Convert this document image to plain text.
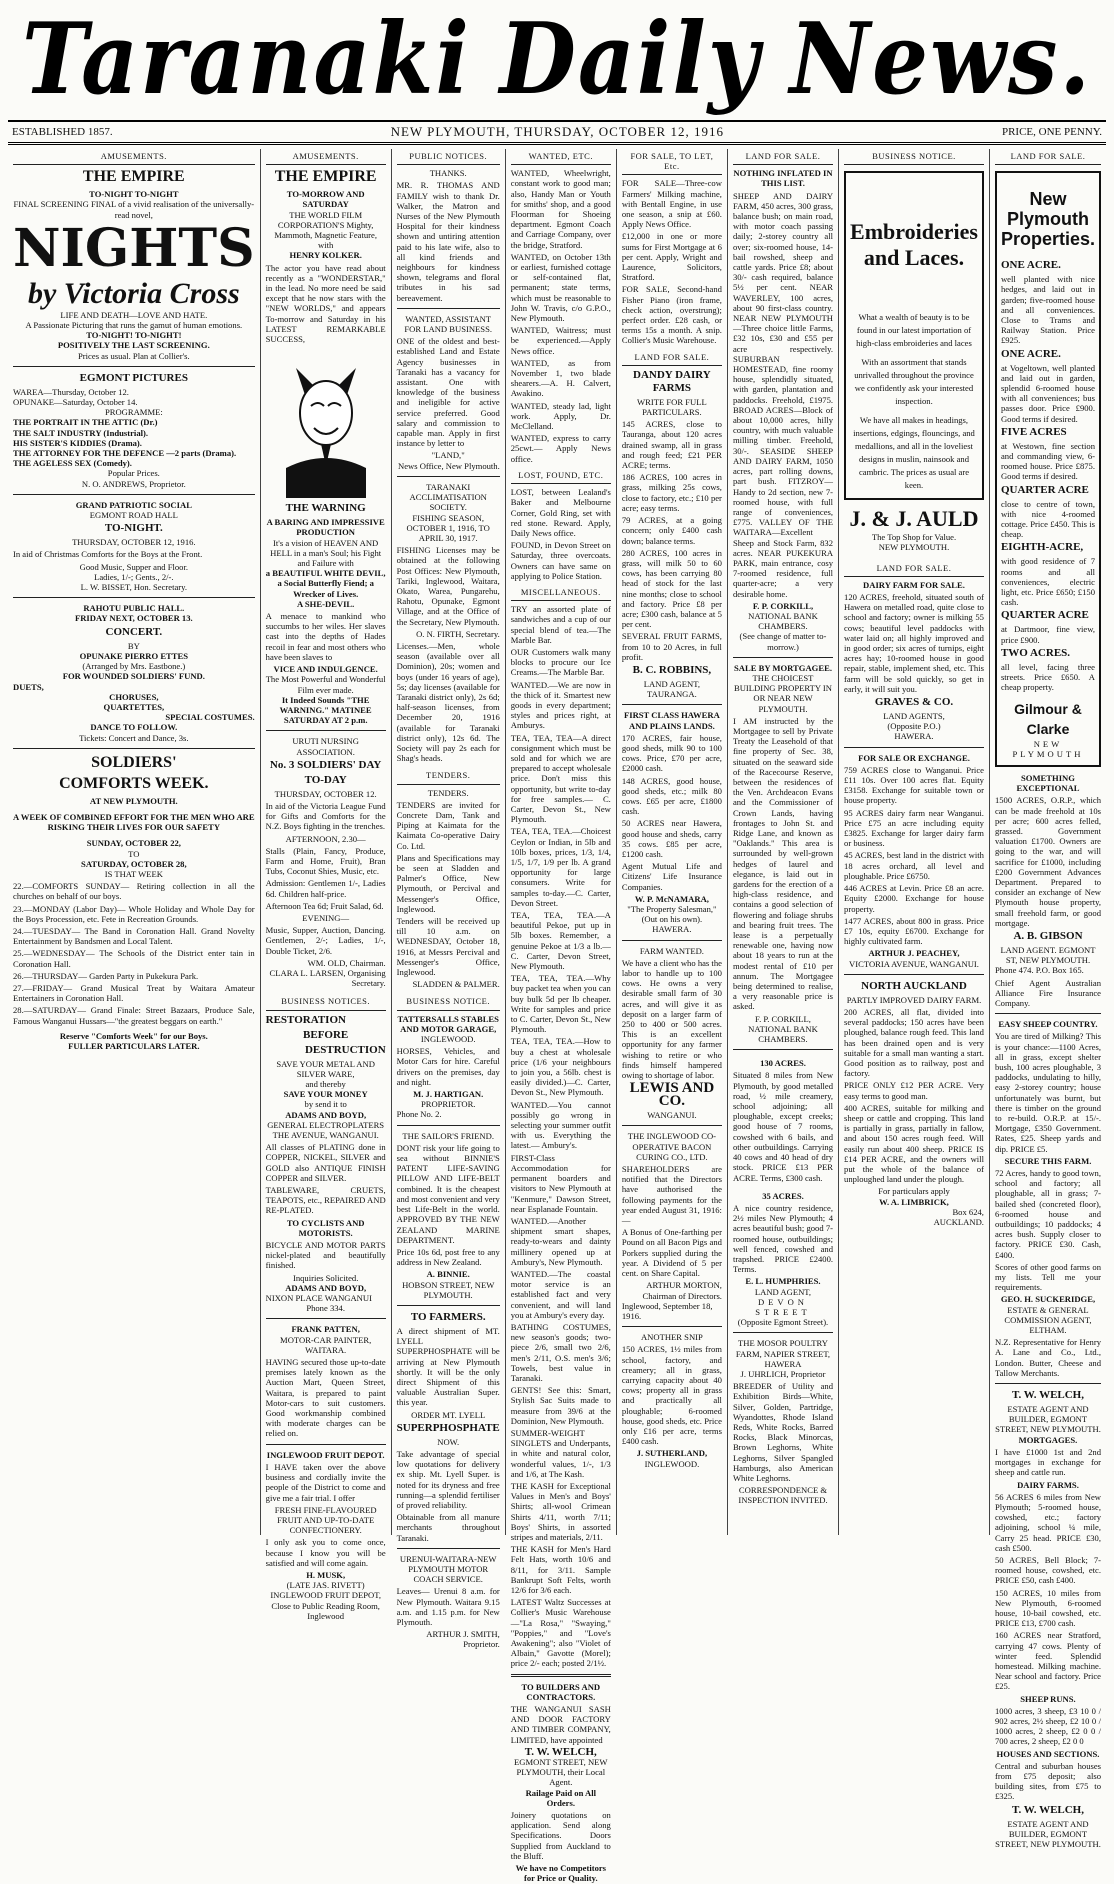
Taranaki Daily News.
ESTABLISHED 1857.	NEW PLYMOUTH, THURSDAY, OCTOBER 12, 1916	PRICE, ONE PENNY.
AMUSEMENTS.
THE EMPIRE
TO-NIGHT TO-NIGHT
FINAL SCREENING FINAL of a vivid realisation of the universally-read novel,
NIGHTS
by Victoria Cross
LIFE AND DEATH—LOVE AND HATE.
A Passionate Picturing that runs the gamut of human emotions.
TO-NIGHT! TO-NIGHT!
POSITIVELY THE LAST SCREENING.
Prices as usual. Plan at Collier's.
EGMONT PICTURES
WAREA—Thursday, October 12.
OPUNAKE—Saturday, October 14.
PROGRAMME:
THE PORTRAIT IN THE ATTIC (Dr.)
THE SALT INDUSTRY (Industrial).
HIS SISTER'S KIDDIES (Drama).
THE ATTORNEY FOR THE DEFENCE —2 parts (Drama).
THE AGELESS SEX (Comedy).
Popular Prices.
N. O. ANDREWS, Proprietor.
GRAND PATRIOTIC SOCIAL
EGMONT ROAD HALL
TO-NIGHT.
THURSDAY, OCTOBER 12, 1916.
In aid of Christmas Comforts for the Boys at the Front.
Good Music, Supper and Floor.
Ladies, 1/-; Gents., 2/-.
L. W. BISSET, Hon. Secretary.
RAHOTU PUBLIC HALL.
FRIDAY NEXT, OCTOBER 13.
CONCERT.
BY
OPUNAKE PIERRO ETTES
(Arranged by Mrs. Eastbone.)
FOR WOUNDED SOLDIERS' FUND.
DUETS,
CHORUSES,
QUARTETTES,
SPECIAL COSTUMES.
DANCE TO FOLLOW.
Tickets: Concert and Dance, 3s.
SOLDIERS'
COMFORTS WEEK.
AT NEW PLYMOUTH.
A WEEK OF COMBINED EFFORT FOR THE MEN WHO ARE RISKING THEIR LIVES FOR OUR SAFETY
SUNDAY, OCTOBER 22,
TO
SATURDAY, OCTOBER 28,
IS THAT WEEK
22.—COMFORTS SUNDAY— Retiring collection in all the churches on behalf of our boys.
23.—MONDAY (Labor Day)— Whole Holiday and Whole Day for the Boys Procession, etc. Fete in Recreation Grounds.
24.—TUESDAY— The Band in Coronation Hall. Grand Novelty Entertainment by Bandsmen and Local Talent.
25.—WEDNESDAY— The Schools of the District enter tain in Coronation Hall.
26.—THURSDAY— Garden Party in Pukekura Park.
27.—FRIDAY— Grand Musical Treat by Waitara Amateur Entertainers in Coronation Hall.
28.—SATURDAY— Grand Finale: Street Bazaars, Produce Sale, Famous Wanganui Hussars—"the greatest beggars on earth."
Reserve "Comforts Week" for our Boys.
FULLER PARTICULARS LATER.
AMUSEMENTS.
THE EMPIRE
TO-MORROW AND SATURDAY
THE WORLD FILM CORPORATION'S Mighty, Mammoth, Magnetic Feature, with
HENRY KOLKER.
The actor you have read about recently as a "WONDERSTAR," in the lead. No more need be said except that he now stars with the "NEW WORLDS," and appears To-morrow and Saturday in his LATEST REMARKABLE SUCCESS,
THE WARNING
A BARING AND IMPRESSIVE PRODUCTION
It's a vision of HEAVEN AND HELL in a man's Soul; his Fight and Failure with
a BEAUTIFUL WHITE DEVIL, a Social Butterfly Fiend; a Wrecker of Lives.
A SHE-DEVIL.
A menace to mankind who succumbs to her wiles. Her slaves cast into the depths of Hades recoil in fear and most others who have been slaves to
VICE AND INDULGENCE.
The Most Powerful and Wonderful Film ever made.
It Indeed Sounds "THE WARNING." MATINEE SATURDAY AT 2 p.m.
URUTI NURSING ASSOCIATION.
No. 3 SOLDIERS' DAY
TO-DAY
THURSDAY, OCTOBER 12.
In aid of the Victoria League Fund for Gifts and Comforts for the N.Z. Boys fighting in the trenches.
AFTERNOON, 2.30—
Stalls (Plain, Fancy, Produce, Farm and Home, Fruit), Bran Tubs, Coconut Shies, Music, etc.
Admission: Gentlemen 1/-, Ladies 6d. Children half-price.
Afternoon Tea 6d; Fruit Salad, 6d.
EVENING—
Music, Supper, Auction, Dancing. Gentlemen, 2/-; Ladies, 1/-, Double Ticket, 2/6.
WM. OLD, Chairman.
CLARA L. LARSEN, Organising Secretary.
BUSINESS NOTICES.
RESTORATION
BEFORE
DESTRUCTION
SAVE YOUR METAL AND SILVER WARE,
and thereby
SAVE YOUR MONEY
by send it to
ADAMS AND BOYD,
GENERAL ELECTROPLATERS THE AVENUE, WANGANUI.
All classes of PLATING done in COPPER, NICKEL, SILVER and GOLD also ANTIQUE FINISH COPPER and SILVER.
TABLEWARE, CRUETS, TEAPOTS, etc., REPAIRED AND RE-PLATED.
TO CYCLISTS AND MOTORISTS.
BICYCLE AND MOTOR PARTS nickel-plated and beautifully finished.
Inquiries Solicited.
ADAMS AND BOYD,
NIXON PLACE WANGANUI
Phone 334.
FRANK PATTEN,
MOTOR-CAR PAINTER, WAITARA.
HAVING secured those up-to-date premises lately known as the Auction Mart, Queen Street, Waitara, is prepared to paint Motor-cars to suit customers. Good workmanship combined with moderate charges can be relied on.
INGLEWOOD FRUIT DEPOT.
I HAVE taken over the above business and cordially invite the people of the District to come and give me a fair trial. I offer
FRESH FINE-FLAVOURED FRUIT AND UP-TO-DATE CONFECTIONERY.
I only ask you to come once, because I know you will be satisfied and will come again.
H. MUSK,
(LATE JAS. RIVETT)
INGLEWOOD FRUIT DEPOT,
Close to Public Reading Room, Inglewood
PUBLIC NOTICES.
THANKS.
MR. R. THOMAS AND FAMILY wish to thank Dr. Walker, the Matron and Nurses of the New Plymouth Hospital for their kindness shown and untiring attention paid to his late wife, also to all kind friends and neighbours for kindness shown, telegrams and floral tributes in his sad bereavement.
WANTED, ASSISTANT FOR LAND BUSINESS.
ONE of the oldest and best-established Land and Estate Agency businesses in Taranaki has a vacancy for assistant. One with knowledge of the business and ineligible for active service preferred. Good salary and commission to capable man. Apply in first instance by letter to
"LAND,"
News Office, New Plymouth.
TARANAKI ACCLIMATISATION SOCIETY.
FISHING SEASON, OCTOBER 1, 1916, TO APRIL 30, 1917.
FISHING Licenses may be obtained at the following Post Offices: New Plymouth, Tariki, Inglewood, Waitara, Okato, Warea, Pungarehu, Rahotu, Opunake, Egmont Village, and at the Office of the Secretary, New Plymouth.
O. N. FIRTH, Secretary.
Licenses.—Men, whole season (available over all Dominion), 20s; women and boys (under 16 years of age), 5s; day licenses (available for Taranaki district only), 2s 6d; half-season licenses, from December 20, 1916 (available for Taranaki district only), 12s 6d. The Society will pay 2s each for Shag's heads.
TENDERS.
TENDERS.
TENDERS are invited for Concrete Dam, Tank and Piping at Kaimata for the Kaimata Co-operative Dairy Co. Ltd.
Plans and Specifications may be seen at Sladden and Palmer's Office, New Plymouth, or Percival and Messenger's Office, Inglewood.
Tenders will be received up till 10 a.m. on WEDNESDAY, October 18, 1916, at Messrs Percival and Messenger's Office, Inglewood.
SLADDEN & PALMER.
BUSINESS NOTICE.
TATTERSALLS STABLES AND MOTOR GARAGE,
INGLEWOOD.
HORSES, Vehicles, and Motor Cars for hire. Careful drivers on the premises, day and night.
M. J. HARTIGAN.
PROPRIETOR.
Phone No. 2.
THE SAILOR'S FRIEND.
DONT risk your life going to sea without BINNIE'S PATENT LIFE-SAVING PILLOW AND LIFE-BELT combined. It is the cheapest and most convenient and very best Life-Belt in the world. APPROVED BY THE NEW ZEALAND MARINE DEPARTMENT.
Price 10s 6d, post free to any address in New Zealand.
A. BINNIE.
HOBSON STREET, NEW PLYMOUTH.
TO FARMERS.
A direct shipment of MT. LYELL SUPERPHOSPHATE will be arriving at New Plymouth shortly. It will be the only direct Shipment of this valuable Australian Super. this year.
ORDER MT. LYELL
SUPERPHOSPHATE
NOW.
Take advantage of special low quotations for delivery ex ship. Mt. Lyell Super. is noted for its dryness and free running—a splendid fertiliser of proved reliability.
Obtainable from all manure merchants throughout Taranaki.
URENUI-WAITARA-NEW PLYMOUTH MOTOR COACH SERVICE.
Leaves— Urenui 8 a.m. for New Plymouth. Waitara 9.15 a.m. and 1.15 p.m. for New Plymouth.
ARTHUR J. SMITH, Proprietor.
WANTED, ETC.
WANTED, Wheelwright, constant work to good man; also, Handy Man or Youth for smiths' shop, and a good Floorman for Shoeing department. Egmont Coach and Carriage Company, over the bridge, Stratford.
WANTED, on October 13th or earliest, furnished cottage or self-contained flat, permanent; state terms, which must be reasonable to John W. Travis, c/o G.P.O., New Plymouth.
WANTED, Waitress; must be experienced.—Apply News office.
WANTED, as from November 1, two blade shearers.—A. H. Calvert, Awakino.
WANTED, steady lad, light work. Apply, Dr. McClelland.
WANTED, express to carry 25cwt.— Apply News office.
LOST, FOUND, ETC.
LOST, between Lealand's Baker and Melbourne Corner, Gold Ring, set with red stone. Reward. Apply, Daily News office.
FOUND, in Devon Street on Saturday, three overcoats. Owners can have same on applying to Police Station.
MISCELLANEOUS.
TRY an assorted plate of sandwiches and a cup of our special blend of tea.—The Marble Bar.
OUR Customers walk many blocks to procure our Ice Creams.—The Marble Bar.
WANTED.—We are now in the thick of it. Smartest new goods in every department; styles and prices right, at Amburys.
TEA, TEA, TEA—A direct consignment which must be sold and for which we are prepared to accept wholesale price. Don't miss this opportunity, but write to-day for free samples.— C. Carter, Devon St., New Plymouth.
TEA, TEA, TEA.—Choicest Ceylon or Indian, in 5lb and 10lb boxes, prices, 1/3, 1/4, 1/5, 1/7, 1/9 per lb. A grand opportunity for large consumers. Write for samples to-day.—C. Carter, Devon Street.
TEA, TEA, TEA.—A beautiful Pekoe, put up in 5lb boxes. Remember, a genuine Pekoe at 1/3 a lb.—C. Carter, Devon Street, New Plymouth.
TEA, TEA, TEA.—Why buy packet tea when you can buy bulk 5d per lb cheaper. Write for samples and price to C. Carter, Devon St., New Plymouth.
TEA, TEA, TEA.—How to buy a chest at wholesale price (1/6 your neighbours to join you, a 56lb. chest is easily divided.)—C. Carter, Devon St., New Plymouth.
WANTED.—You cannot possibly go wrong in selecting your summer outfit with us. Everything the latest.— Ambury's.
FIRST-Class Accommodation for permanent boarders and visitors to New Plymouth at "Kenmure," Dawson Street, near Esplanade Fountain.
WANTED.—Another shipment smart shapes, ready-to-wears and dainty millinery opened up at Ambury's, New Plymouth.
WANTED.—The coastal motor service is an established fact and very convenient, and will land you at Ambury's every day.
BATHING COSTUMES, new season's goods; two-piece 2/6, small two 2/6, men's 2/11, O.S. men's 3/6; Towels, best value in Taranaki.
GENTS! See this: Smart, Stylish Sac Suits made to measure from 39/6 at the Dominion, New Plymouth.
SUMMER-WEIGHT SINGLETS and Underpants, in white and natural color, wonderful values, 1/-, 1/3 and 1/6, at The Kash.
THE KASH for Exceptional Values in Men's and Boys' Shirts; all-wool Crimean Shirts 4/11, worth 7/11; Boys' Shirts, in assorted stripes and materials, 2/11.
THE KASH for Men's Hard Felt Hats, worth 10/6 and 8/11, for 3/11. Sample Bankrupt Soft Felts, worth 12/6 for 3/6 each.
LATEST Waltz Successes at Collier's Music Warehouse—"La Rosa," "Swaying," "Poppies," and "Love's Awakening"; also "Violet of Albain," Gavotte (Morel); price 2/- each; posted 2/1½.
TO BUILDERS AND CONTRACTORS.
THE WANGANUI SASH AND DOOR FACTORY AND TIMBER COMPANY, LIMITED, have appointed
T. W. WELCH,
EGMONT STREET, NEW PLYMOUTH, their Local Agent.
Railage Paid on All Orders.
Joinery quotations on application. Send along Specifications. Doors Supplied from Auckland to the Bluff.
We have no Competitors for Price or Quality.
FOR SALE, TO LET, Etc.
FOR SALE—Three-cow Farmers' Milking machine, with Bentall Engine, in use one season, a snip at £60. Apply News Office.
£12,000 in one or more sums for First Mortgage at 6 per cent. Apply, Wright and Laurence, Solicitors, Stratford.
FOR SALE, Second-hand Fisher Piano (iron frame, check action, overstrung); perfect order. £28 cash, or terms 15s a month. A snip. Collier's Music Warehouse.
LAND FOR SALE.
DANDY DAIRY FARMS
WRITE FOR FULL PARTICULARS.
145 ACRES, close to Tauranga, about 120 acres drained swamp, all in grass and rough feed; £21 PER ACRE; terms.
186 ACRES, 100 acres in grass, milking 25s cows, close to factory, etc.; £10 per acre; easy terms.
79 ACRES, at a going concern; only £400 cash down; balance terms.
280 ACRES, 100 acres in grass, will milk 50 to 60 cows, has been carrying 80 head of stock for the last nine months; close to school and factory. Price £8 per acre; £300 cash, balance at 5 per cent.
SEVERAL FRUIT FARMS, from 10 to 20 Acres, in full profit.
B. C. ROBBINS,
LAND AGENT, TAURANGA.
FIRST CLASS HAWERA AND PLAINS LANDS.
170 ACRES, fair house, good sheds, milk 90 to 100 cows. Price, £70 per acre, £2000 cash.
148 ACRES, good house, good sheds, etc.; milk 80 cows. £65 per acre, £1800 cash.
50 ACRES near Hawera, good house and sheds, carry 35 cows. £85 per acre, £1200 cash.
Agent Mutual Life and Citizens' Life Insurance Companies.
W. P. McNAMARA,
"The Property Salesman," (Out on his own). HAWERA.
FARM WANTED.
We have a client who has the labor to handle up to 100 cows. He owns a very desirable small farm of 30 acres, and will give it as deposit on a larger farm of 250 to 400 or 500 acres. This is an excellent opportunity for any farmer wishing to retire or who finds himself hampered owing to shortage of labor.
LEWIS AND CO.
WANGANUI.
THE INGLEWOOD CO-OPERATIVE BACON CURING CO., LTD.
SHAREHOLDERS are notified that the Directors have authorised the following payments for the year ended August 31, 1916:—
A Bonus of One-farthing per Pound on all Bacon Pigs and Porkers supplied during the year. A Dividend of 5 per cent. on Share Capital.
ARTHUR MORTON, Chairman of Directors.
Inglewood, September 18, 1916.
ANOTHER SNIP
150 ACRES, 1½ miles from school, factory, and creamery; all in grass, carrying capacity about 40 cows; property all in grass and practically all ploughable; 6-roomed house, good sheds, etc. Price only £16 per acre, terms £400 cash.
J. SUTHERLAND,
INGLEWOOD.
LAND FOR SALE.
NOTHING INFLATED IN THIS LIST.
SHEEP AND DAIRY FARM, 450 acres, 300 grass, balance bush; on main road, with motor coach passing daily; 2-storey country all over; six-roomed house, 14-bail rowshed, sheep and cattle yards. Price £8; about 30/- cash required, balance 5½ per cent. NEAR WAVERLEY, 100 acres, about 90 first-class country. NEAR NEW PLYMOUTH—Three choice little Farms, £32 10s, £30 and £55 per acre respectively. SUBURBAN HOMESTEAD, fine roomy house, splendidly situated, with garden, plantation and paddocks. Freehold, £1975. BROAD ACRES—Block of about 10,000 acres, hilly country, with much valuable milling timber. Freehold, 30/-. SEASIDE SHEEP AND DAIRY FARM, 1050 acres, part rolling downs, part bush. FITZROY—Handy to 2d section, new 7-roomed house, with full range of conveniences, £775. VALLEY OF THE WAITARA—Excellent Sheep and Stock Farm, 832 acres. NEAR PUKEKURA PARK, main entrance, cosy 7-roomed residence, full quarter-acre; a very desirable home.
F. P. CORKILL,
NATIONAL BANK CHAMBERS.
(See change of matter to-morrow.)
SALE BY MORTGAGEE.
THE CHOICEST BUILDING PROPERTY IN OR NEAR NEW PLYMOUTH.
I AM instructed by the Mortgagee to sell by Private Treaty the Leasehold of that fine property of Sec. 38, situated on the seaward side of the Racecourse Reserve, between the residences of the Ven. Archdeacon Evans and the Commissioner of Crown Lands, having frontages to John St. and Ridge Lane, and known as "Oaklands." This area is surrounded by well-grown hedges of laurel and elegance, is laid out in gardens for the erection of a high-class residence, and contains a good selection of flowering and foliage shrubs and bearing fruit trees. The lease is a perpetually renewable one, having now about 18 years to run at the modest rental of £10 per annum. The Mortgagee being determined to realise, a very reasonable price is asked.
F. P. CORKILL,
NATIONAL BANK CHAMBERS.
130 ACRES.
Situated 8 miles from New Plymouth, by good metalled road, ½ mile creamery, school adjoining; all ploughable, except creeks; good house of 7 rooms, cowshed with 6 bails, and other outbuildings. Carrying 40 cows and 40 head of dry stock. PRICE £13 PER ACRE. Terms, £300 cash.
35 ACRES.
A nice country residence, 2½ miles New Plymouth; 4 acres beautiful bush; good 7-roomed house, outbuildings; well fenced, cowshed and trapshed. PRICE £2400. Terms.
E. L. HUMPHRIES.
LAND AGENT,
DEVON STREET
(Opposite Egmont Street).
THE MOSOR POULTRY FARM, NAPIER STREET, HAWERA
J. UHRLICH, Proprietor
BREEDER of Utility and Exhibition Birds—White, Silver, Golden, Partridge, Wyandottes, Rhode Island Reds, White Rocks, Barred Rocks, Black Minorcas, Brown Leghorns, White Leghorns, Silver Spangled Hamburgs, also American White Leghorns.
CORRESPONDENCE & INSPECTION INVITED.
BUSINESS NOTICE.
Embroideries and Laces.
What a wealth of beauty is to be found in our latest importation of high-class embroideries and laces
With an assortment that stands unrivalled throughout the province we confidently ask your interested inspection.
We have all makes in headings, insertions, edgings, flouncings, and medallions, and all in the loveliest designs in muslin, nainsook and cambric. The prices as usual are keen.
J. & J. AULD
The Top Shop for Value.
NEW PLYMOUTH.
LAND FOR SALE.
DAIRY FARM FOR SALE.
120 ACRES, freehold, situated south of Hawera on metalled road, quite close to school and factory; owner is milking 55 cows; beautiful level paddocks with water laid on; all highly improved and in good order; six acres of turnips, eight acres hay; 10-roomed house in good repair, stable, implement shed, etc. This farm will be sold quickly, so get in early, it will suit you.
GRAVES & CO.
LAND AGENTS,
(Opposite P.O.)
HAWERA.
FOR SALE OR EXCHANGE.
759 ACRES close to Wanganui. Price £11 10s. Over 100 acres flat. Equity £3158. Exchange for suitable town or house property.
95 ACRES dairy farm near Wanganui. Price £75 an acre including equity £3825. Exchange for larger dairy farm or business.
45 ACRES, best land in the district with 18 acres orchard, all level and ploughable. Price £6750.
446 ACRES at Levin. Price £8 an acre. Equity £2000. Exchange for house property.
1477 ACRES, about 800 in grass. Price £7 10s, equity £6700. Exchange for highly cultivated farm.
ARTHUR J. PEACHEY,
VICTORIA AVENUE, WANGANUI.
NORTH AUCKLAND
PARTLY IMPROVED DAIRY FARM.
200 ACRES, all flat, divided into several paddocks; 150 acres have been ploughed, balance rough feed. This land has been drained open and is very suitable for a small man wanting a start. Good position as to railway, post and factory.
PRICE ONLY £12 PER ACRE. Very easy terms to good man.
400 ACRES, suitable for milking and sheep or cattle and cropping. This land is partially in grass, partially in fallow, and about 150 acres rough feed. Will easily run about 400 sheep. PRICE IS £14 PER ACRE, and the owners will put the whole of the balance of unploughed land under the plough.
For particulars apply
W. A. LIMBRICK,
Box 624,
AUCKLAND.
LAND FOR SALE.
New Plymouth Properties.
ONE ACRE.
well planted with nice hedges, and laid out in garden; five-roomed house and all conveniences. Close to Trams and Railway Station. Price £925.
ONE ACRE.
at Vogeltown, well planted and laid out in garden, splendid 6-roomed house with all conveniences; bus passes door. Price £900. Good terms if desired.
FIVE ACRES
at Westown, fine section and commanding view, 6-roomed house. Price £875. Good terms if desired.
QUARTER ACRE
close to centre of town, with nice 4-roomed cottage. Price £450. This is cheap.
EIGHTH-ACRE,
with good residence of 7 rooms and all conveniences, electric light, etc. Price £650; £150 cash.
QUARTER ACRE
at Dartmoor, fine view, price £900.
TWO ACRES.
all level, facing three streets. Price £650. A cheap property.
Gilmour & Clarke
NEW PLYMOUTH
SOMETHING EXCEPTIONAL
1500 ACRES, O.R.P., which can be made freehold at 10s per acre; 600 acres felled, grassed. Government valuation £1700. Owners are going to the war, and will sacrifice for £1000, including £200 Government Advances Department. Prepared to consider an exchange of New Plymouth house property, small freehold farm, or good mortgage.
A. B. GIBSON
LAND AGENT. EGMONT ST, NEW PLYMOUTH.
Phone 474. P.O. Box 165.
Chief Agent Australian Alliance Fire Insurance Company.
EASY SHEEP COUNTRY.
You are tired of Milking? This is your chance:—1100 Acres, all in grass, except shelter bush, 100 acres ploughable, 3 paddocks, undulating to hilly, easy 2-storey country; house unfortunately was burnt, but there is timber on the ground to re-build. O.R.P. at 15/-. Mortgage, £350 Government. Rates, £25. Sheep yards and dip. PRICE £5.
SECURE THIS FARM.
72 Acres, handy to good town, school and factory; all ploughable, all in grass; 7-bailed shed (concreted floor), 6-roomed house and outbuildings; 10 paddocks; 4 acres bush. Supply closer to factory. PRICE £30. Cash, £400.
Scores of other good farms on my lists. Tell me your requirements.
GEO. H. SUCKERIDGE,
ESTATE & GENERAL COMMISSION AGENT,
ELTHAM.
N.Z. Representative for Henry A. Lane and Co., Ltd., London. Butter, Cheese and Tallow Merchants.
T. W. WELCH,
ESTATE AGENT AND BUILDER, EGMONT STREET, NEW PLYMOUTH.
MORTGAGES.
I have £1000 1st and 2nd mortgages in exchange for sheep and cattle run.
DAIRY FARMS.
56 ACRES 6 miles from New Plymouth; 5-roomed house, cowshed, etc.; factory adjoining, school ¼ mile, Carry 25 head. PRICE £30, cash £500.
50 ACRES, Bell Block; 7-roomed house, cowshed, etc. PRICE £50, cash £400.
150 ACRES, 10 miles from New Plymouth, 6-roomed house, 10-bail cowshed, etc. PRICE £13, £700 cash.
160 ACRES near Stratford, carrying 47 cows. Plenty of winter feed. Splendid homestead. Milking machine. Near school and factory. Price £25.
SHEEP RUNS.
1000 acres, 3 sheep, £3 10 0 / 902 acres, 2½ sheep, £2 10 0 / 1000 acres, 2 sheep, £2 0 0 / 700 acres, 2 sheep, £2 0 0
HOUSES AND SECTIONS.
Central and suburban houses from £75 deposit; also building sites, from £75 to £325.
T. W. WELCH,
ESTATE AGENT AND BUILDER, EGMONT STREET, NEW PLYMOUTH.
